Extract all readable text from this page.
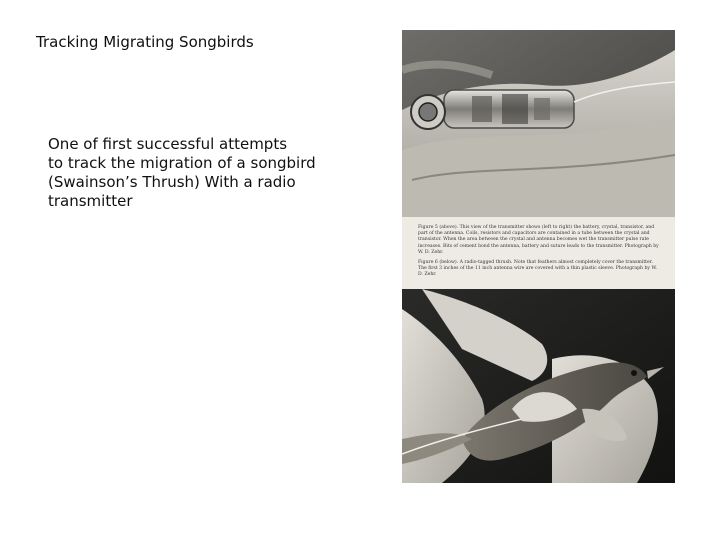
Tracking Migrating Songbirds
One of first successful attempts
to track the migration of a songbird
(Swainson’s Thrush) With a radio
transmitter

Figure 5 (above). This view of the transmitter shows (left to right) the battery, crystal, transistor, and part of the antenna. Coils, resistors and capacitors are contained in a tube between the crystal and transistor. When the area between the crystal and antenna becomes wet the transmitter pulse rate increases. Bits of cement bond the antenna, battery and suture leads to the transmitter. Photograph by W. D. Zehr.

Figure 6 (below). A radio-tagged thrush. Note that feathers almost completely cover the transmitter. The first 3 inches of the 11 inch antenna wire are covered with a thin plastic sleeve. Photograph by W. D. Zehr.
